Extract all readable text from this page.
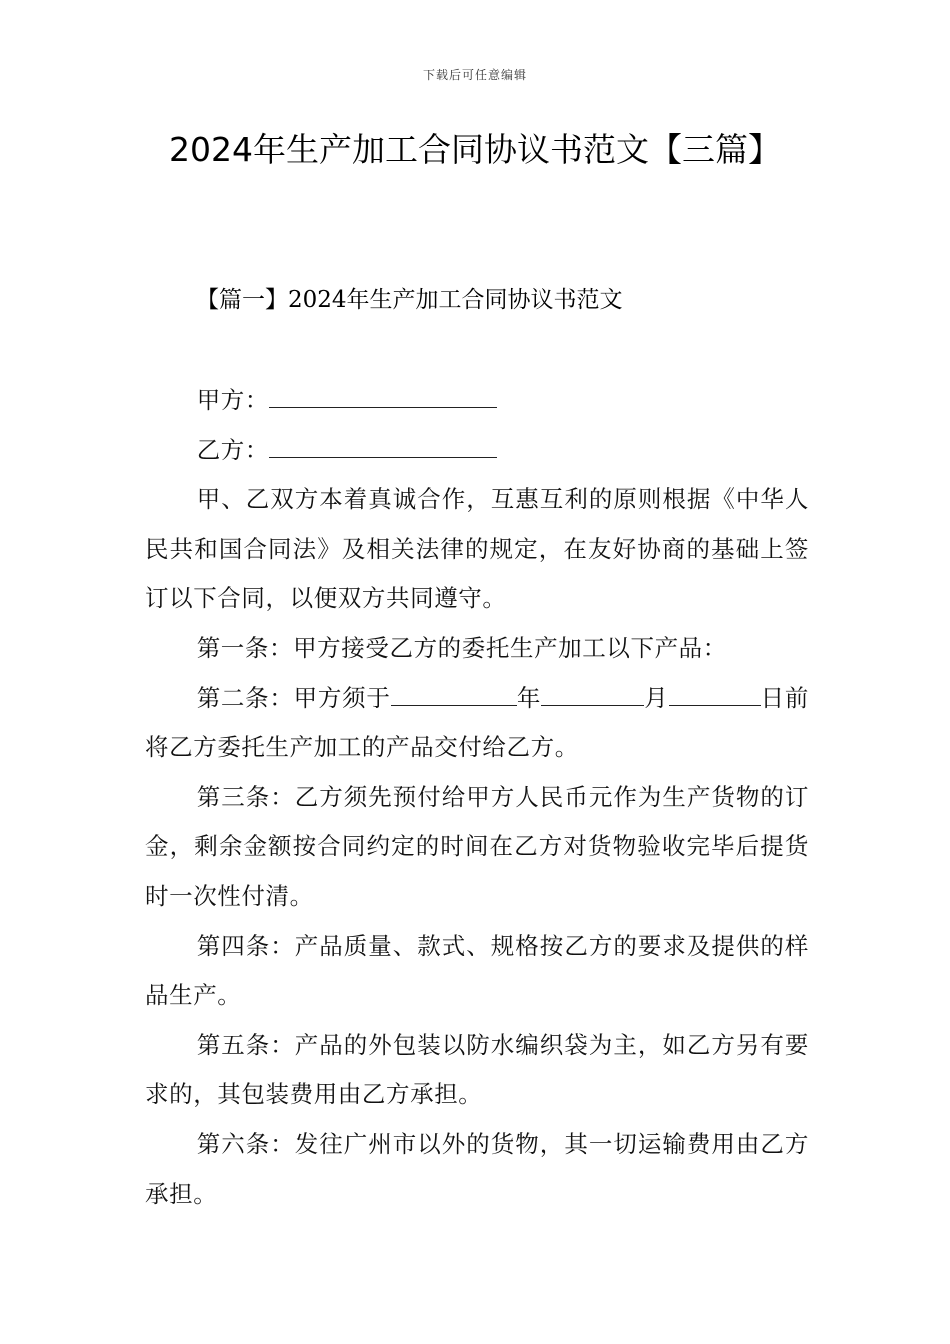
下载后可任意编辑
2024年生产加工合同协议书范文【三篇】
【篇一】2024年生产加工合同协议书范文

甲方：

乙方：

甲、乙双方本着真诚合作，互惠互利的原则根据《中华人民共和国合同法》及相关法律的规定，在友好协商的基础上签订以下合同，以便双方共同遵守。

第一条：甲方接受乙方的委托生产加工以下产品：

第二条：甲方须于	年	月	日前将乙方委托生产加工的产品交付给乙方。

第三条：乙方须先预付给甲方人民币元作为生产货物的订金，剩余金额按合同约定的时间在乙方对货物验收完毕后提货时一次性付清。

第四条：产品质量、款式、规格按乙方的要求及提供的样品生产。

第五条：产品的外包装以防水编织袋为主，如乙方另有要求的，其包装费用由乙方承担。

第六条：发往广州市以外的货物，其一切运输费用由乙方承担。
